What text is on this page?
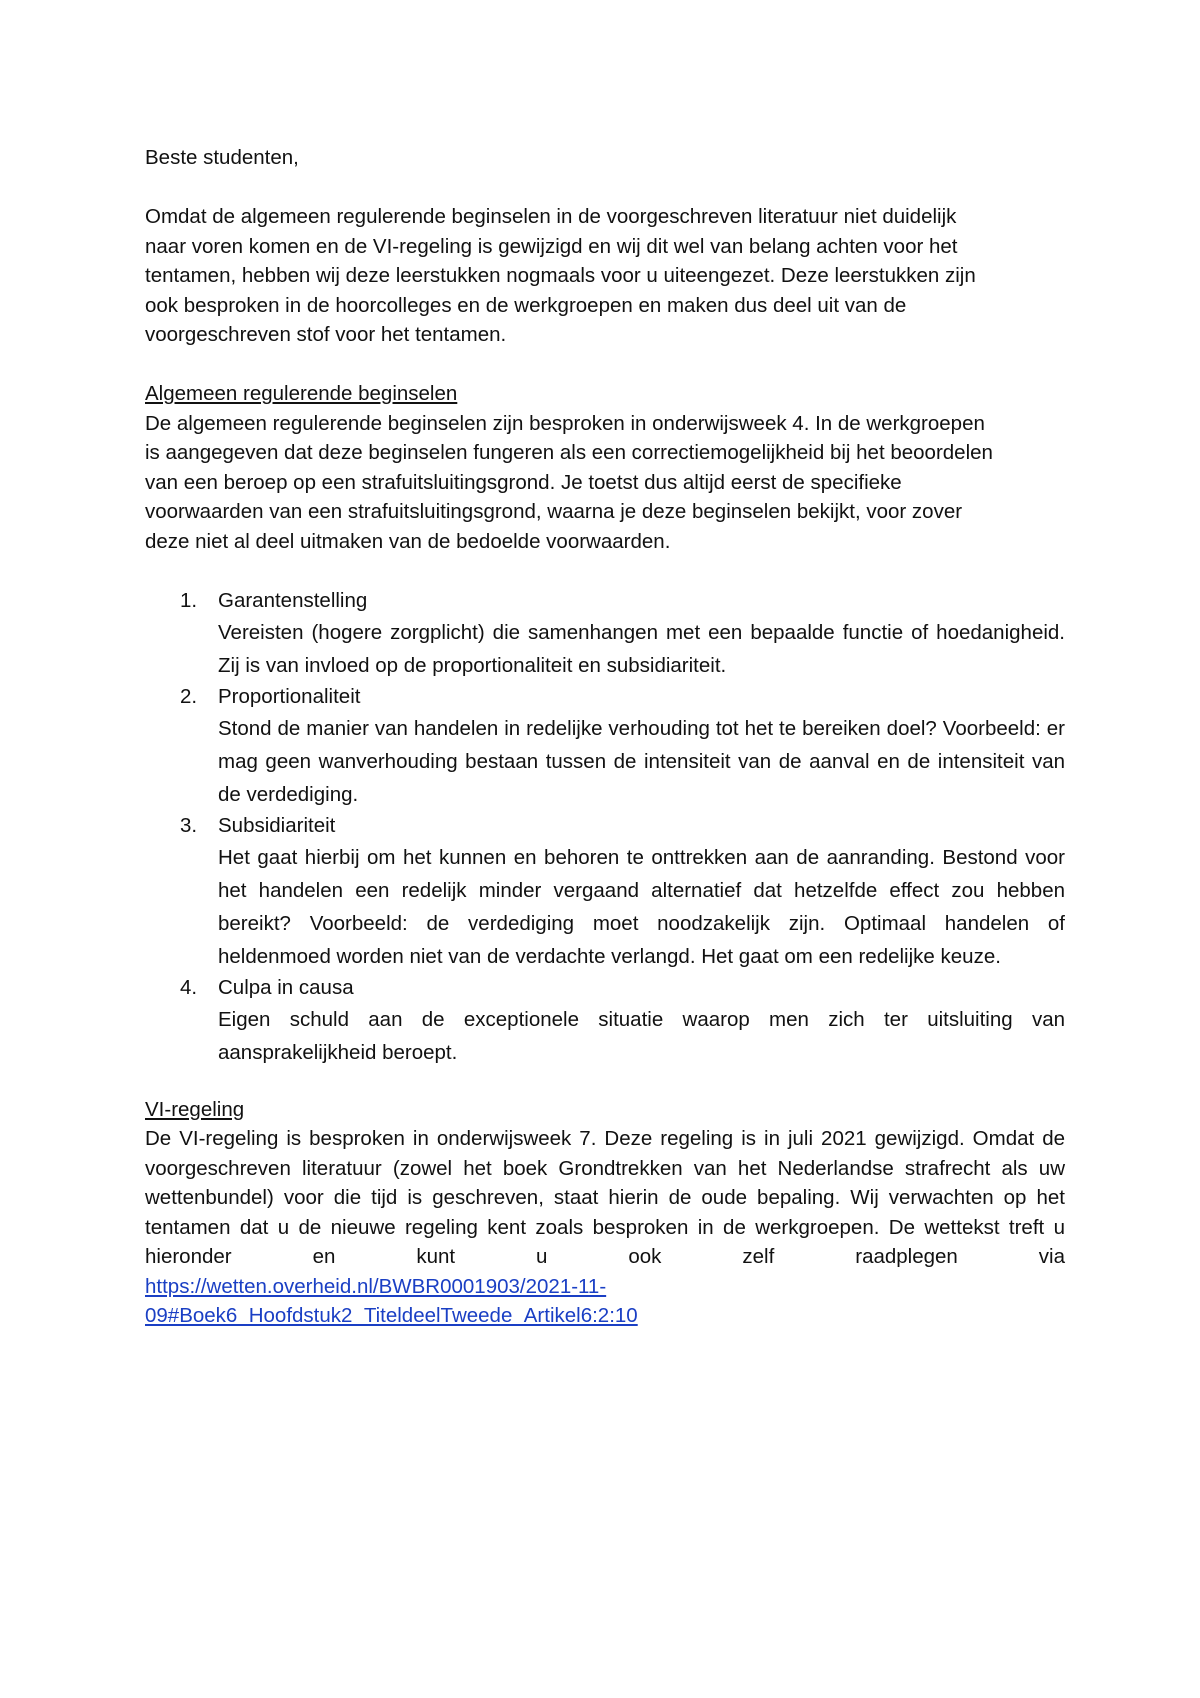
Beste studenten,

Omdat de algemeen regulerende beginselen in de voorgeschreven literatuur niet duidelijk
naar voren komen en de VI-regeling is gewijzigd en wij dit wel van belang achten voor het
tentamen, hebben wij deze leerstukken nogmaals voor u uiteengezet. Deze leerstukken zijn
ook besproken in de hoorcolleges en de werkgroepen en maken dus deel uit van de
voorgeschreven stof voor het tentamen.

Algemeen regulerende beginselen

De algemeen regulerende beginselen zijn besproken in onderwijsweek 4. In de werkgroepen
is aangegeven dat deze beginselen fungeren als een correctiemogelijkheid bij het beoordelen
van een beroep op een strafuitsluitingsgrond. Je toetst dus altijd eerst de specifieke
voorwaarden van een strafuitsluitingsgrond, waarna je deze beginselen bekijkt, voor zover
deze niet al deel uitmaken van de bedoelde voorwaarden.
1. Garantenstelling
Vereisten (hogere zorgplicht) die samenhangen met een bepaalde functie of hoedanigheid. Zij is van invloed op de proportionaliteit en subsidiariteit.
2. Proportionaliteit
Stond de manier van handelen in redelijke verhouding tot het te bereiken doel? Voorbeeld: er mag geen wanverhouding bestaan tussen de intensiteit van de aanval en de intensiteit van de verdediging.
3. Subsidiariteit
Het gaat hierbij om het kunnen en behoren te onttrekken aan de aanranding. Bestond voor het handelen een redelijk minder vergaand alternatief dat hetzelfde effect zou hebben bereikt? Voorbeeld: de verdediging moet noodzakelijk zijn. Optimaal handelen of heldenmoed worden niet van de verdachte verlangd. Het gaat om een redelijke keuze.
4. Culpa in causa
Eigen schuld aan de exceptionele situatie waarop men zich ter uitsluiting van aansprakelijkheid beroept.

VI-regeling

De VI-regeling is besproken in onderwijsweek 7. Deze regeling is in juli 2021 gewijzigd. Omdat de voorgeschreven literatuur (zowel het boek Grondtrekken van het Nederlandse strafrecht als uw wettenbundel) voor die tijd is geschreven, staat hierin de oude bepaling. Wij verwachten op het tentamen dat u de nieuwe regeling kent zoals besproken in de werkgroepen. De wettekst treft u hieronder en kunt u ook zelf raadplegen via

https://wetten.overheid.nl/BWBR0001903/2021-11-
09#Boek6_Hoofdstuk2_TiteldeelTweede_Artikel6:2:10
